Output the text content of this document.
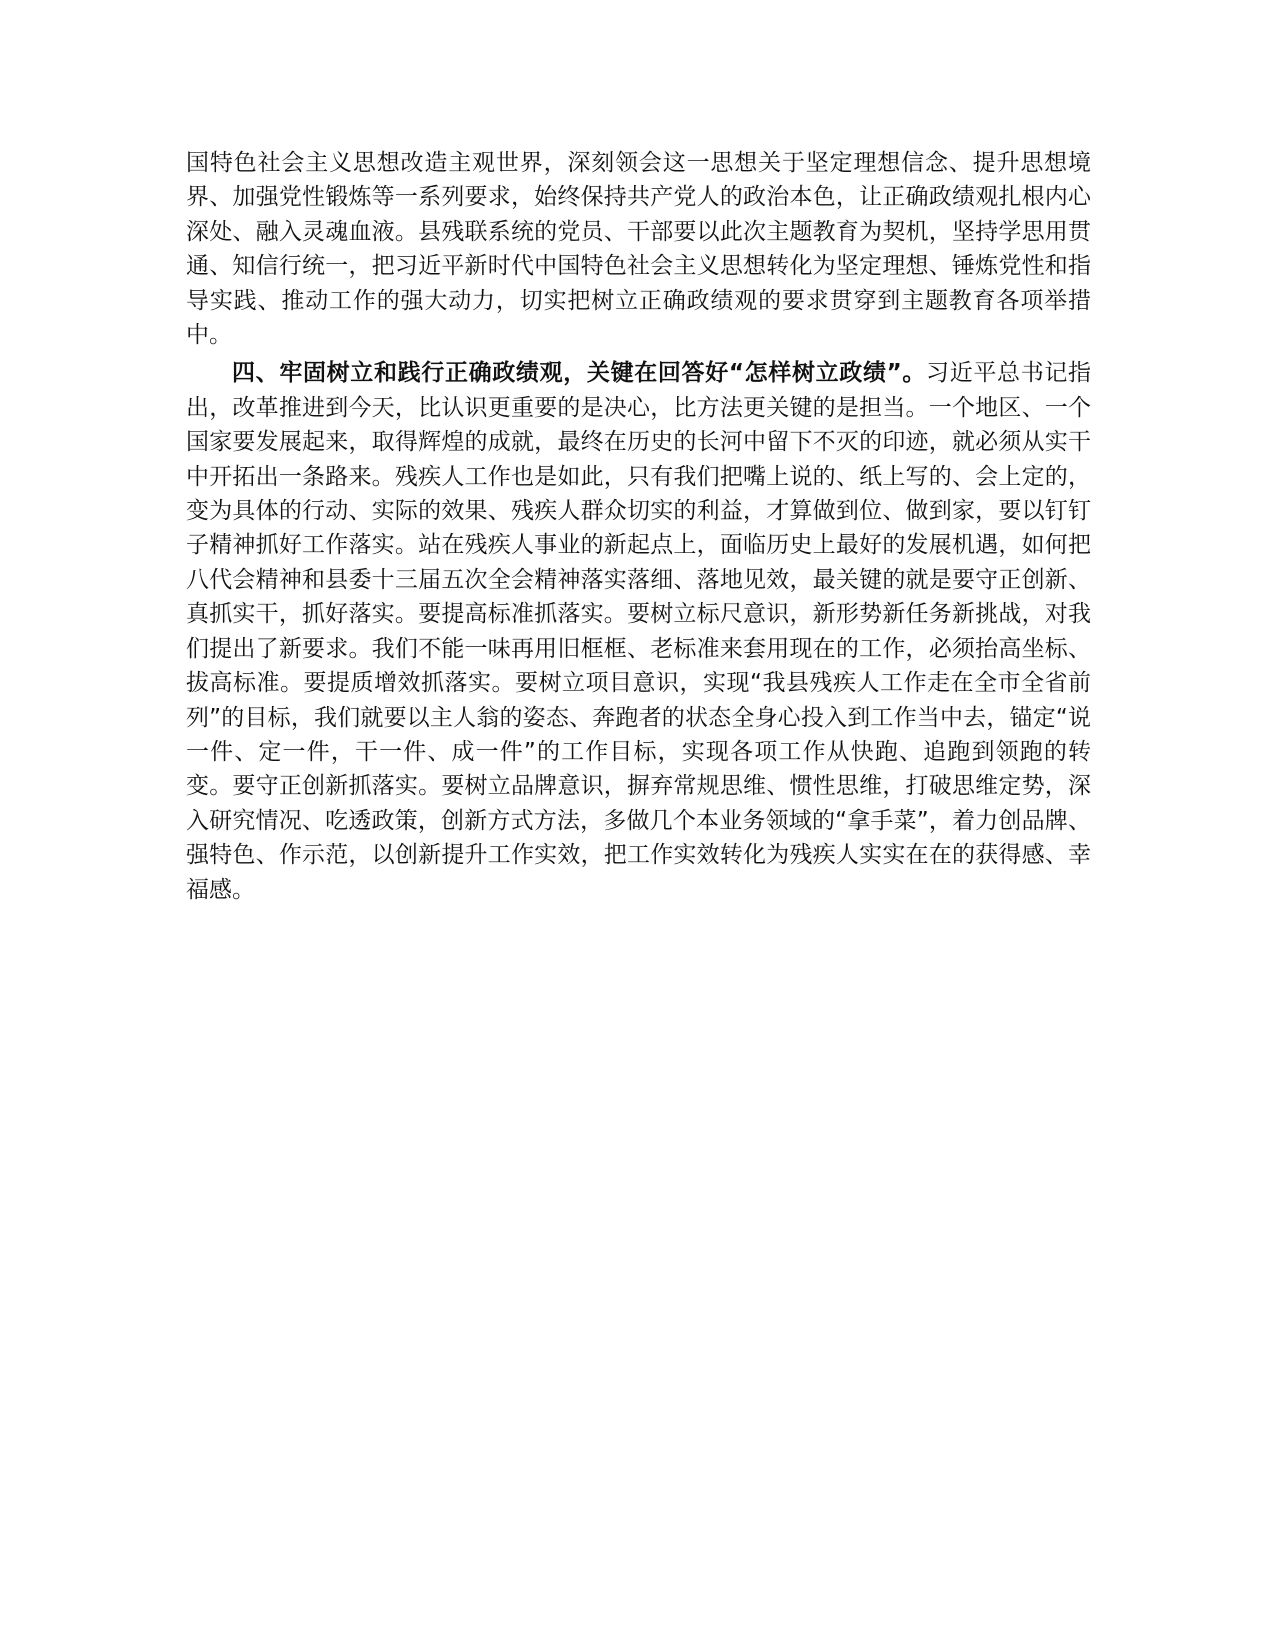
国特色社会主义思想改造主观世界，深刻领会这一思想关于坚定理想信念、提升思想境界、加强党性锻炼等一系列要求，始终保持共产党人的政治本色，让正确政绩观扎根内心深处、融入灵魂血液。县残联系统的党员、干部要以此次主题教育为契机，坚持学思用贯通、知信行统一，把习近平新时代中国特色社会主义思想转化为坚定理想、锤炼党性和指导实践、推动工作的强大动力，切实把树立正确政绩观的要求贯穿到主题教育各项举措中。

四、牢固树立和践行正确政绩观，关键在回答好“怎样树立政绩”。习近平总书记指出，改革推进到今天，比认识更重要的是决心，比方法更关键的是担当。一个地区、一个国家要发展起来，取得辉煌的成就，最终在历史的长河中留下不灭的印迹，就必须从实干中开拓出一条路来。残疾人工作也是如此，只有我们把嘴上说的、纸上写的、会上定的，变为具体的行动、实际的效果、残疾人群众切实的利益，才算做到位、做到家，要以钉钉子精神抓好工作落实。站在残疾人事业的新起点上，面临历史上最好的发展机遇，如何把八代会精神和县委十三届五次全会精神落实落细、落地见效，最关键的就是要守正创新、真抓实干，抓好落实。要提高标准抓落实。要树立标尺意识，新形势新任务新挑战，对我们提出了新要求。我们不能一味再用旧框框、老标准来套用现在的工作，必须抬高坐标、拔高标准。要提质增效抓落实。要树立项目意识，实现“我县残疾人工作走在全市全省前列”的目标，我们就要以主人翁的姿态、奔跑者的状态全身心投入到工作当中去，锚定“说一件、定一件，干一件、成一件”的工作目标，实现各项工作从快跑、追跑到领跑的转变。要守正创新抓落实。要树立品牌意识，摒弃常规思维、惯性思维，打破思维定势，深入研究情况、吃透政策，创新方式方法，多做几个本业务领域的“拿手菜”，着力创品牌、强特色、作示范，以创新提升工作实效，把工作实效转化为残疾人实实在在的获得感、幸福感。
